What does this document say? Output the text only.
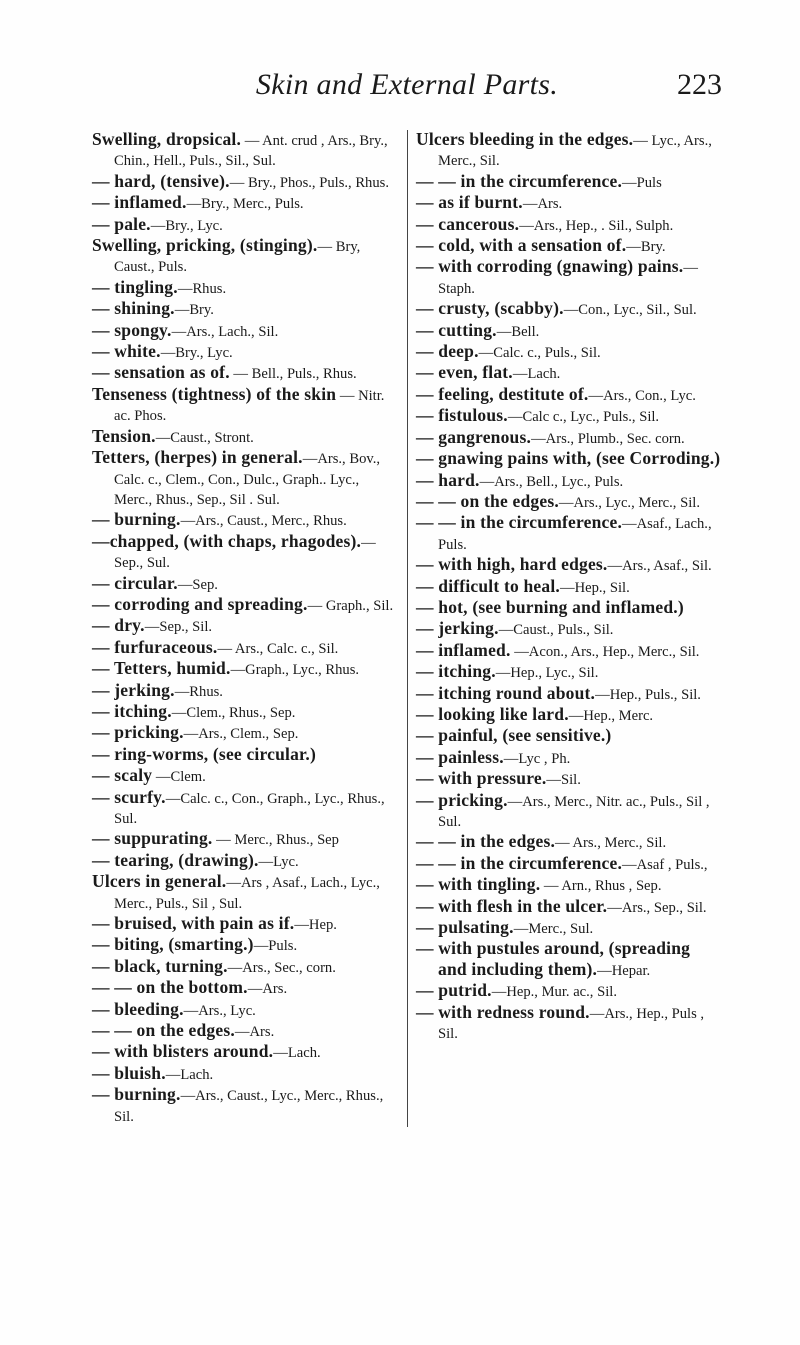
Skin and External Parts.	223

Swelling, dropsical. — Ant. crud , Ars., Bry., Chin., Hell., Puls., Sil., Sul.

— hard, (tensive).— Bry., Phos., Puls., Rhus.

— inflamed.—Bry., Merc., Puls.

— pale.—Bry., Lyc.

Swelling, pricking, (stinging).— Bry, Caust., Puls.

— tingling.—Rhus.

— shining.—Bry.

— spongy.—Ars., Lach., Sil.

— white.—Bry., Lyc.

— sensation as of. — Bell., Puls., Rhus.

Tenseness (tightness) of the skin — Nitr. ac. Phos.

Tension.—Caust., Stront.

Tetters, (herpes) in general.—Ars., Bov., Calc. c., Clem., Con., Dulc., Graph.. Lyc., Merc., Rhus., Sep., Sil . Sul.

— burning.—Ars., Caust., Merc., Rhus.

—chapped, (with chaps, rhagodes).—Sep., Sul.

— circular.—Sep.

— corroding and spreading.— Graph., Sil.

— dry.—Sep., Sil.

— furfuraceous.— Ars., Calc. c., Sil.

— Tetters, humid.—Graph., Lyc., Rhus.

— jerking.—Rhus.

— itching.—Clem., Rhus., Sep.

— pricking.—Ars., Clem., Sep.

— ring-worms, (see circular.)

— scaly —Clem.

— scurfy.—Calc. c., Con., Graph., Lyc., Rhus., Sul.

— suppurating. — Merc., Rhus., Sep

— tearing, (drawing).—Lyc.

Ulcers in general.—Ars , Asaf., Lach., Lyc., Merc., Puls., Sil , Sul.

— bruised, with pain as if.—Hep.

— biting, (smarting.)—Puls.

— black, turning.—Ars., Sec., corn.

— — on the bottom.—Ars.

— bleeding.—Ars., Lyc.

— — on the edges.—Ars.

— with blisters around.—Lach.

— bluish.—Lach.

— burning.—Ars., Caust., Lyc., Merc., Rhus., Sil.

Ulcers bleeding in the edges.— Lyc., Ars., Merc., Sil.

— — in the circumference.—Puls

— as if burnt.—Ars.

— cancerous.—Ars., Hep., . Sil., Sulph.

— cold, with a sensation of.—Bry.

— with corroding (gnawing) pains.—Staph.

— crusty, (scabby).—Con., Lyc., Sil., Sul.

— cutting.—Bell.

— deep.—Calc. c., Puls., Sil.

— even, flat.—Lach.

— feeling, destitute of.—Ars., Con., Lyc.

— fistulous.—Calc c., Lyc., Puls., Sil.

— gangrenous.—Ars., Plumb., Sec. corn.

— gnawing pains with, (see Corroding.)

— hard.—Ars., Bell., Lyc., Puls.

— — on the edges.—Ars., Lyc., Merc., Sil.

— — in the circumference.—Asaf., Lach., Puls.

— with high, hard edges.—Ars., Asaf., Sil.

— difficult to heal.—Hep., Sil.

— hot, (see burning and inflamed.)

— jerking.—Caust., Puls., Sil.

— inflamed. —Acon., Ars., Hep., Merc., Sil.

— itching.—Hep., Lyc., Sil.

— itching round about.—Hep., Puls., Sil.

— looking like lard.—Hep., Merc.

— painful, (see sensitive.)

— painless.—Lyc , Ph.

— with pressure.—Sil.

— pricking.—Ars., Merc., Nitr. ac., Puls., Sil , Sul.

— — in the edges.— Ars., Merc., Sil.

— — in the circumference.—Asaf , Puls.,

— with tingling. — Arn., Rhus , Sep.

— with flesh in the ulcer.—Ars., Sep., Sil.

— pulsating.—Merc., Sul.

— with pustules around, (spreading and including them).—Hepar.

— putrid.—Hep., Mur. ac., Sil.

— with redness round.—Ars., Hep., Puls , Sil.
